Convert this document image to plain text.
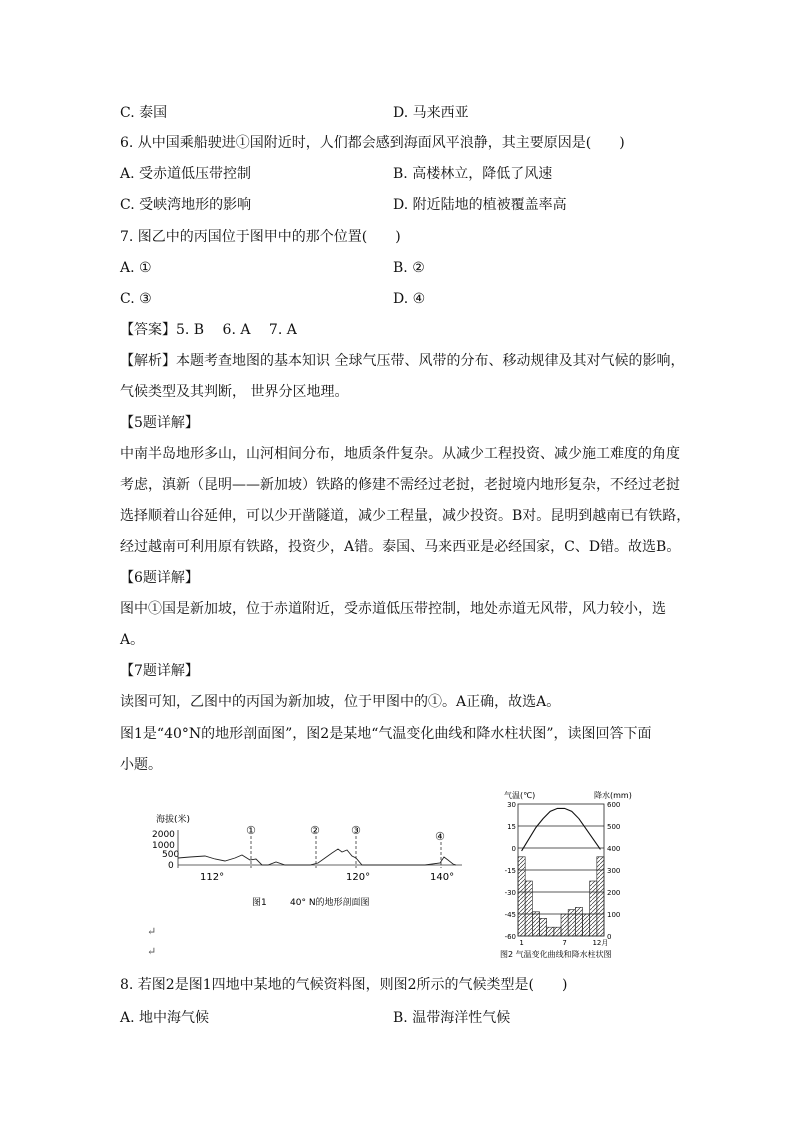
C. 泰国	D. 马来西亚
6. 从中国乘船驶进①国附近时，人们都会感到海面风平浪静，其主要原因是(　　)
A. 受赤道低压带控制	B. 高楼林立，降低了风速
C. 受峡湾地形的影响	D. 附近陆地的植被覆盖率高
7. 图乙中的丙国位于图甲中的那个位置(　　)
A. ①	B. ②
C. ③	D. ④
【答案】5. B　 6. A　 7. A
【解析】本题考查地图的基本知识 全球气压带、风带的分布、移动规律及其对气候的影响，
气候类型及其判断， 世界分区地理。
【5题详解】
中南半岛地形多山，山河相间分布，地质条件复杂。从减少工程投资、减少施工难度的角度
考虑，滇新（昆明——新加坡）铁路的修建不需经过老挝，老挝境内地形复杂，不经过老挝
选择顺着山谷延伸，可以少开凿隧道，减少工程量，减少投资。B对。昆明到越南已有铁路，
经过越南可利用原有铁路，投资少，A错。泰国、马来西亚是必经国家，C、D错。故选B。
【6题详解】
图中①国是新加坡，位于赤道附近，受赤道低压带控制，地处赤道无风带，风力较小，选
A。
【7题详解】
读图可知，乙图中的丙国为新加坡，位于甲图中的①。A正确，故选A。
图1是“40°N的地形剖面图”，图2是某地“气温变化曲线和降水柱状图”，读图回答下面
小题。
海拔(米)
2000
1000
500
0
①	②	③	④
112°	120°	140°
图1	40° N的地形剖面图
气温(℃)	降水(mm)
30
15
0
-15
-30
-45
-60
600
500
400
300
200
100
0
1	7	12月
图2 气温变化曲线和降水柱状图
↵
↵
8. 若图2是图1四地中某地的气候资料图，则图2所示的气候类型是(　　)
A. 地中海气候	B. 温带海洋性气候
